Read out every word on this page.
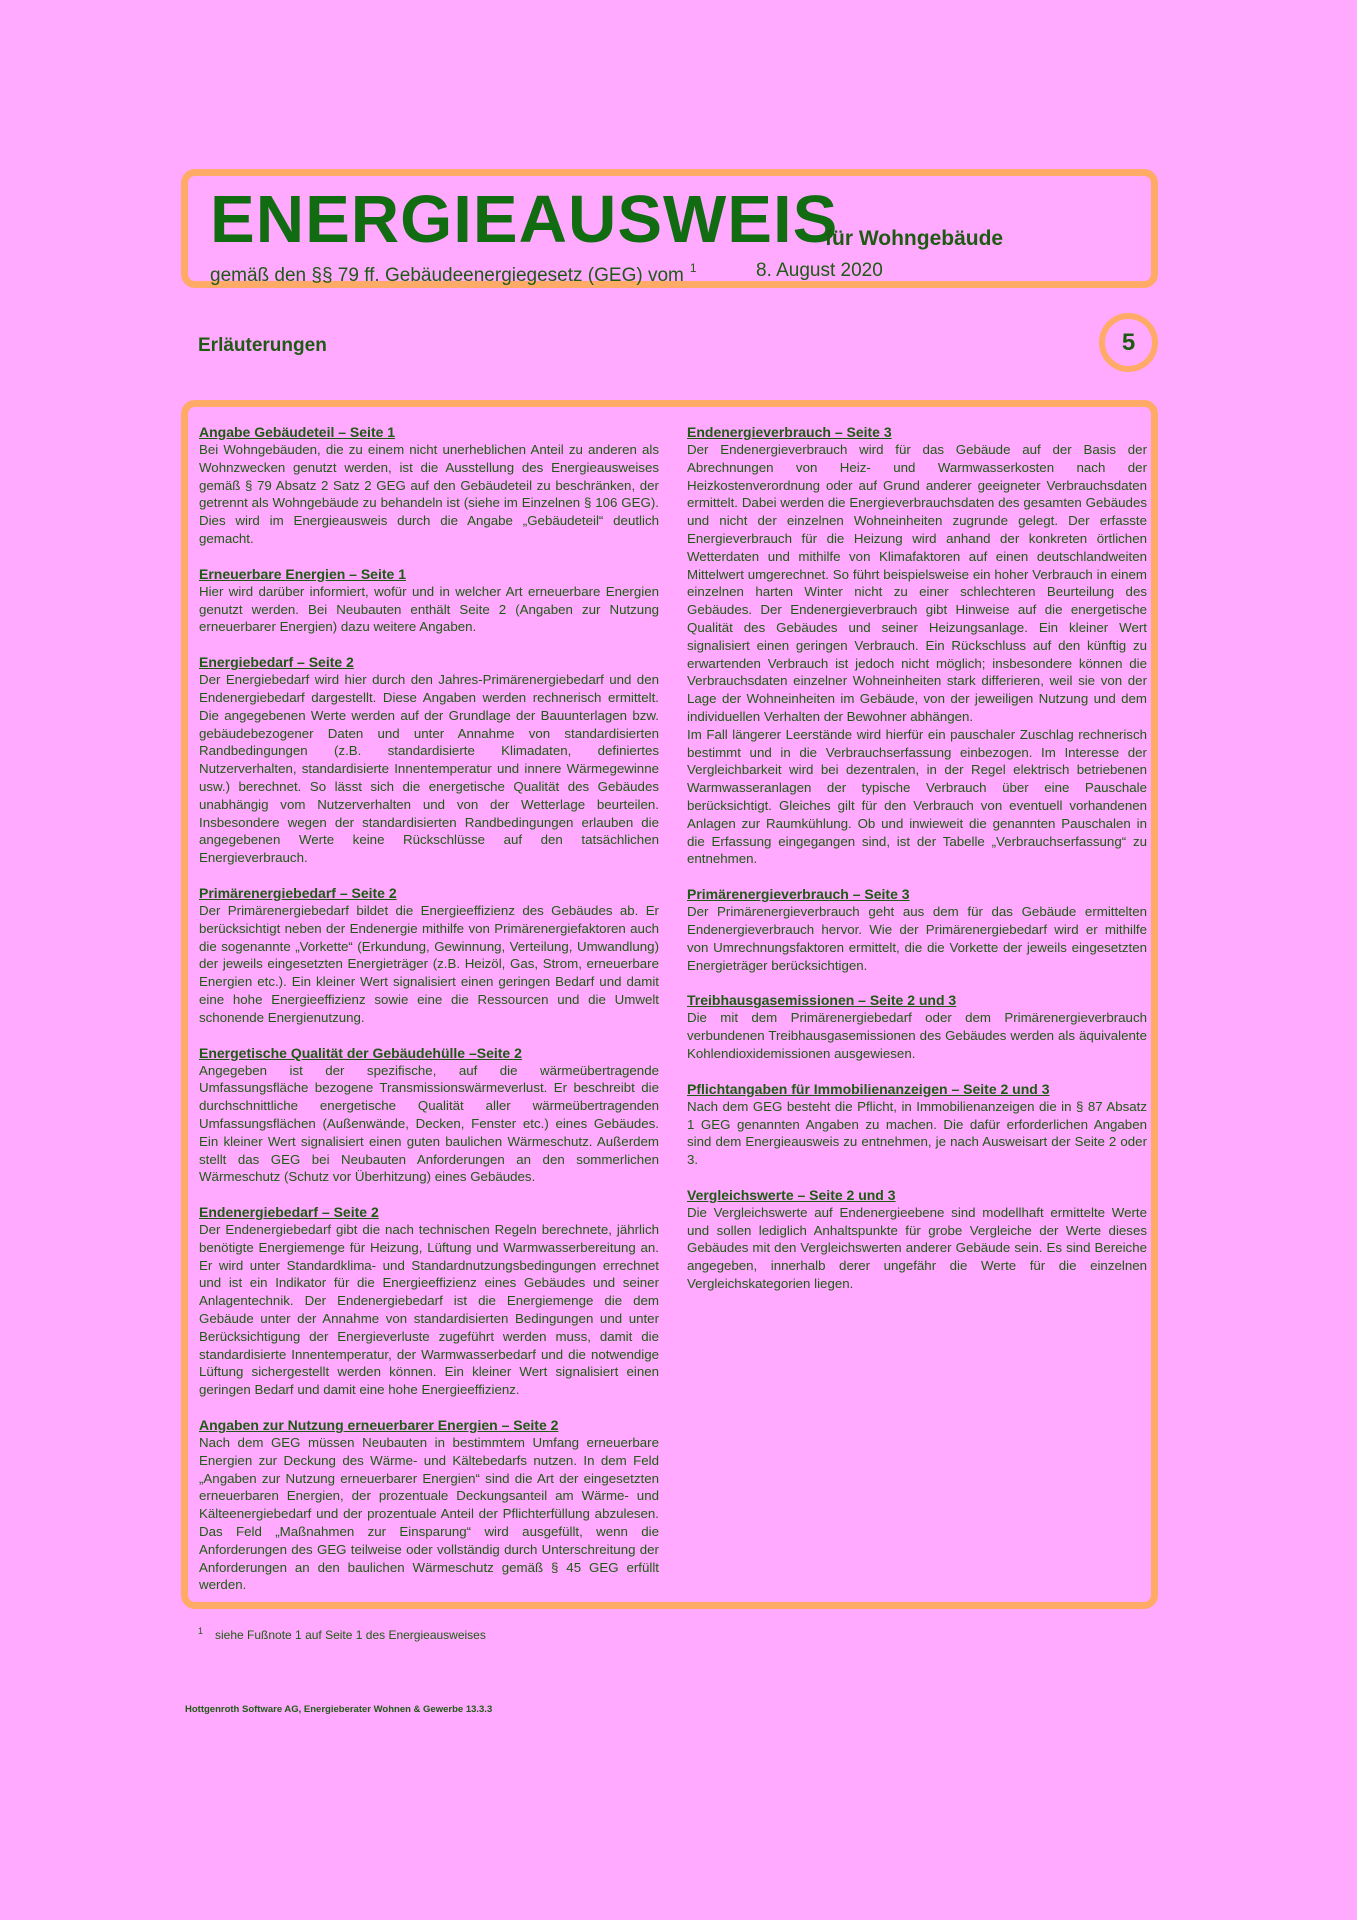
ENERGIEAUSWEIS
für Wohngebäude
gemäß den §§ 79 ff. Gebäudeenergiegesetz (GEG) vom $^1$	8. August 2020
Erläuterungen	5

Angabe Gebäudeteil – Seite 1

Bei Wohngebäuden, die zu einem nicht unerheblichen Anteil zu anderen als Wohnzwecken genutzt werden, ist die Ausstellung des Energieausweises gemäß § 79 Absatz 2 Satz 2 GEG auf den Gebäudeteil zu beschränken, der getrennt als Wohngebäude zu behandeln ist (siehe im Einzelnen § 106 GEG). Dies wird im Energieausweis durch die Angabe „Gebäudeteil“ deutlich gemacht.

Erneuerbare Energien – Seite 1

Hier wird darüber informiert, wofür und in welcher Art erneuerbare Energien genutzt werden. Bei Neubauten enthält Seite 2 (Angaben zur Nutzung erneuerbarer Energien) dazu weitere Angaben.

Energiebedarf – Seite 2

Der Energiebedarf wird hier durch den Jahres-Primärenergiebedarf und den Endenergiebedarf dargestellt. Diese Angaben werden rechnerisch ermittelt. Die angegebenen Werte werden auf der Grundlage der Bauunterlagen bzw. gebäudebezogener Daten und unter Annahme von standardisierten Randbedingungen (z.B. standardisierte Klimadaten, definiertes Nutzerverhalten, standardisierte Innentemperatur und innere Wärmegewinne usw.) berechnet. So lässt sich die energetische Qualität des Gebäudes unabhängig vom Nutzerverhalten und von der Wetterlage beurteilen. Insbesondere wegen der standardisierten Randbedingungen erlauben die angegebenen Werte keine Rückschlüsse auf den tatsächlichen Energieverbrauch.

Primärenergiebedarf – Seite 2

Der Primärenergiebedarf bildet die Energieeffizienz des Gebäudes ab. Er berücksichtigt neben der Endenergie mithilfe von Primärenergiefaktoren auch die sogenannte „Vorkette“ (Erkundung, Gewinnung, Verteilung, Umwandlung) der jeweils eingesetzten Energieträger (z.B. Heizöl, Gas, Strom, erneuerbare Energien etc.). Ein kleiner Wert signalisiert einen geringen Bedarf und damit eine hohe Energieeffizienz sowie eine die Ressourcen und die Umwelt schonende Energienutzung.

Energetische Qualität der Gebäudehülle –Seite 2

Angegeben ist der spezifische, auf die wärmeübertragende Umfassungsfläche bezogene Transmissionswärmeverlust. Er beschreibt die durchschnittliche energetische Qualität aller wärmeübertragenden Umfassungsflächen (Außenwände, Decken, Fenster etc.) eines Gebäudes. Ein kleiner Wert signalisiert einen guten baulichen Wärmeschutz. Außerdem stellt das GEG bei Neubauten Anforderungen an den sommerlichen Wärmeschutz (Schutz vor Überhitzung) eines Gebäudes.

Endenergiebedarf – Seite 2

Der Endenergiebedarf gibt die nach technischen Regeln berechnete, jährlich benötigte Energiemenge für Heizung, Lüftung und Warmwasserbereitung an. Er wird unter Standardklima- und Standardnutzungsbedingungen errechnet und ist ein Indikator für die Energieeffizienz eines Gebäudes und seiner Anlagentechnik. Der Endenergiebedarf ist die Energiemenge die dem Gebäude unter der Annahme von standardisierten Bedingungen und unter Berücksichtigung der Energieverluste zugeführt werden muss, damit die standardisierte Innentemperatur, der Warmwasserbedarf und die notwendige Lüftung sichergestellt werden können. Ein kleiner Wert signalisiert einen geringen Bedarf und damit eine hohe Energieeffizienz.

Angaben zur Nutzung erneuerbarer Energien – Seite 2

Nach dem GEG müssen Neubauten in bestimmtem Umfang erneuerbare Energien zur Deckung des Wärme- und Kältebedarfs nutzen. In dem Feld „Angaben zur Nutzung erneuerbarer Energien“ sind die Art der eingesetzten erneuerbaren Energien, der prozentuale Deckungsanteil am Wärme- und Kälteenergiebedarf und der prozentuale Anteil der Pflichterfüllung abzulesen. Das Feld „Maßnahmen zur Einsparung“ wird ausgefüllt, wenn die Anforderungen des GEG teilweise oder vollständig durch Unterschreitung der Anforderungen an den baulichen Wärmeschutz gemäß § 45 GEG erfüllt werden.

Endenergieverbrauch – Seite 3

Der Endenergieverbrauch wird für das Gebäude auf der Basis der Abrechnungen von Heiz- und Warmwasserkosten nach der Heizkostenverordnung oder auf Grund anderer geeigneter Verbrauchsdaten ermittelt. Dabei werden die Energieverbrauchsdaten des gesamten Gebäudes und nicht der einzelnen Wohneinheiten zugrunde gelegt. Der erfasste Energieverbrauch für die Heizung wird anhand der konkreten örtlichen Wetterdaten und mithilfe von Klimafaktoren auf einen deutschlandweiten Mittelwert umgerechnet. So führt beispielsweise ein hoher Verbrauch in einem einzelnen harten Winter nicht zu einer schlechteren Beurteilung des Gebäudes. Der Endenergieverbrauch gibt Hinweise auf die energetische Qualität des Gebäudes und seiner Heizungsanlage. Ein kleiner Wert signalisiert einen geringen Verbrauch. Ein Rückschluss auf den künftig zu erwartenden Verbrauch ist jedoch nicht möglich; insbesondere können die Verbrauchsdaten einzelner Wohneinheiten stark differieren, weil sie von der Lage der Wohneinheiten im Gebäude, von der jeweiligen Nutzung und dem individuellen Verhalten der Bewohner abhängen.

Im Fall längerer Leerstände wird hierfür ein pauschaler Zuschlag rechnerisch bestimmt und in die Verbrauchserfassung einbezogen. Im Interesse der Vergleichbarkeit wird bei dezentralen, in der Regel elektrisch betriebenen Warmwasseranlagen der typische Verbrauch über eine Pauschale berücksichtigt. Gleiches gilt für den Verbrauch von eventuell vorhandenen Anlagen zur Raumkühlung. Ob und inwieweit die genannten Pauschalen in die Erfassung eingegangen sind, ist der Tabelle „Verbrauchserfassung“ zu entnehmen.

Primärenergieverbrauch – Seite 3

Der Primärenergieverbrauch geht aus dem für das Gebäude ermittelten Endenergieverbrauch hervor. Wie der Primärenergiebedarf wird er mithilfe von Umrechnungsfaktoren ermittelt, die die Vorkette der jeweils eingesetzten Energieträger berücksichtigen.

Treibhausgasemissionen – Seite 2 und 3

Die mit dem Primärenergiebedarf oder dem Primärenergieverbrauch verbundenen Treibhausgasemissionen des Gebäudes werden als äquivalente Kohlendioxidemissionen ausgewiesen.

Pflichtangaben für Immobilienanzeigen – Seite 2 und 3

Nach dem GEG besteht die Pflicht, in Immobilienanzeigen die in § 87 Absatz 1 GEG genannten Angaben zu machen. Die dafür erforderlichen Angaben sind dem Energieausweis zu entnehmen, je nach Ausweisart der Seite 2 oder 3.

Vergleichswerte – Seite 2 und 3

Die Vergleichswerte auf Endenergieebene sind modellhaft ermittelte Werte und sollen lediglich Anhaltspunkte für grobe Vergleiche der Werte dieses Gebäudes mit den Vergleichswerten anderer Gebäude sein. Es sind Bereiche angegeben, innerhalb derer ungefähr die Werte für die einzelnen Vergleichskategorien liegen.

$^1$ siehe Fußnote 1 auf Seite 1 des Energieausweises
Hottgenroth Software AG, Energieberater Wohnen & Gewerbe 13.3.3
